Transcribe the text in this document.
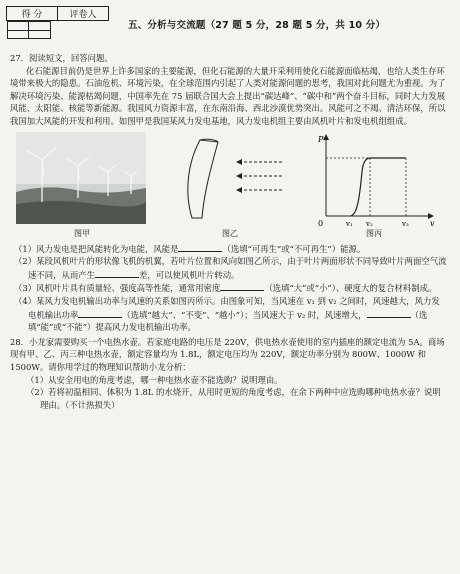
得 分	评卷人

五、分析与交流题（27 题 5 分，28 题 5 分，共 10 分）

27．阅读短文，回答问题。

化石能源目前仍是世界上许多国家的主要能源，但化石能源的大量开采利用使化石能源面临枯竭，也给人类生存环境带来极大的隐患。石油危机、环境污染，在全球范围内引起了人类对能源问题的思考，我国对此问题尤为重视。为了解决环境污染、能源枯竭问题，中国率先在 75 届联合国大会上提出“碳达峰”、“碳中和”两个奋斗目标，同时大力发展风能、太阳能、核能等新能源。我国风力资源丰富，在东南沿海、西北沙漠优势突出。风能可之不竭、清洁环保，所以我国加大风能的开发和利用。如图甲是我国某风力发电基地，风力发电机组主要由风机叶片和发电机组组成。

图甲	图乙
P
v
0	v₁ v₂	v₃
图丙

（1）风力发电是把风能转化为电能，风能是	（选填“可再生”或“不可再生”）能源。

（2）某段风机叶片的形状像飞机的机翼，若叶片位置和风向如图乙所示，由于叶片两面形状不同导致叶片两面空气流速不同，从而产生	差，可以使风机叶片转动。

（3）风机叶片具有质量轻、强度高等性能，通常用密度	（选填“大”或“小”）、硬度大的复合材料制成。

（4）某风力发电机输出功率与风速的关系如图丙所示。由图象可知，当风速在 v₁ 到 v₂ 之间时，风速越大，风力发电机输出功率	（选填“越大”、“不变”、“越小”）；当风速大于 v₂ 时，风速增大，	（选填“能”或“不能”）提高风力发电机输出功率。

28．小龙家需要购买一个电热水壶。若家庭电路的电压是 220V，供电热水壶使用的室内插座的额定电流为 5A。商场现有甲、乙、丙三种电热水壶，额定容量均为 1.8L，额定电压均为 220V，额定功率分别为 800W、1000W 和 1500W。请你用学过的物理知识帮助小龙分析：

（1）从安全用电的角度考虑，哪一种电热水壶不能选购？说明理由。

（2）若将初温相同、体积为 1.8L 的水烧开，从用时更短的角度考虑，在余下两种中应选购哪种电热水壶？说明理由。（不计热损失）
